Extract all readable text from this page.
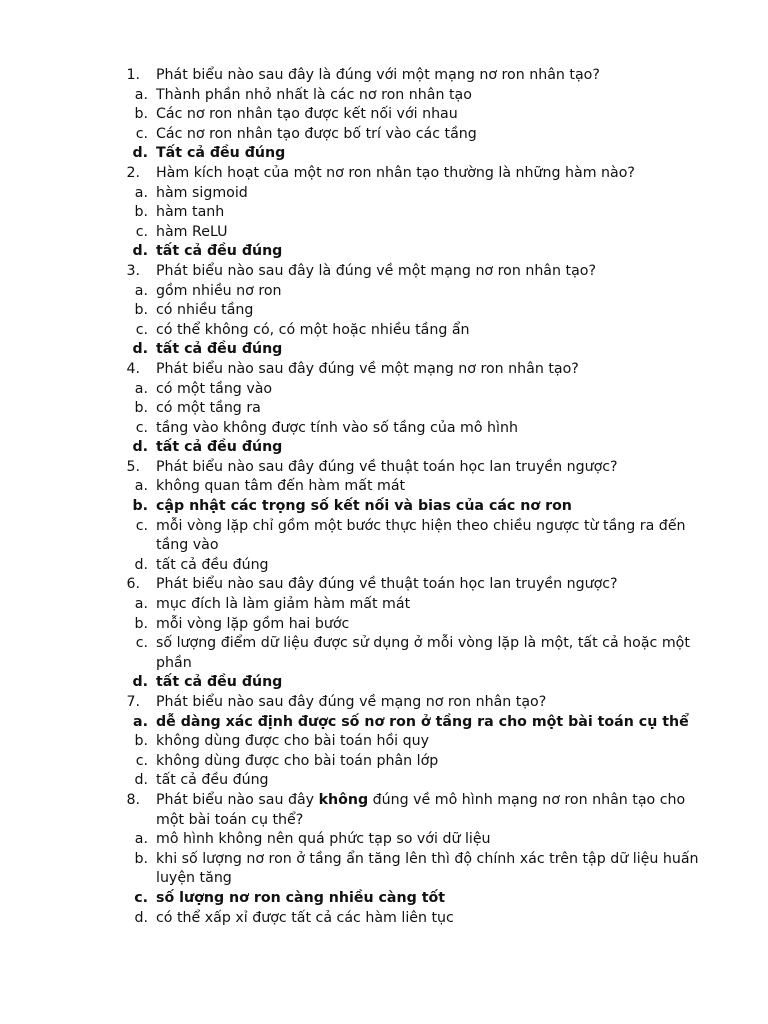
1. Phát biểu nào sau đây là đúng với một mạng nơ ron nhân tạo?
a. Thành phần nhỏ nhất là các nơ ron nhân tạo
b. Các nơ ron nhân tạo được kết nối với nhau
c. Các nơ ron nhân tạo được bố trí vào các tầng
d. Tất cả đều đúng
2. Hàm kích hoạt của một nơ ron nhân tạo thường là những hàm nào?
a. hàm sigmoid
b. hàm tanh
c. hàm ReLU
d. tất cả đều đúng
3. Phát biểu nào sau đây là đúng về một mạng nơ ron nhân tạo?
a. gồm nhiều nơ ron
b. có nhiều tầng
c. có thể không có, có một hoặc nhiều tầng ẩn
d. tất cả đều đúng
4. Phát biểu nào sau đây đúng về một mạng nơ ron nhân tạo?
a. có một tầng vào
b. có một tầng ra
c. tầng vào không được tính vào số tầng của mô hình
d. tất cả đều đúng
5. Phát biểu nào sau đây đúng về thuật toán học lan truyền ngược?
a. không quan tâm đến hàm mất mát
b. cập nhật các trọng số kết nối và bias của các nơ ron
c. mỗi vòng lặp chỉ gồm một bước thực hiện theo chiều ngược từ tầng ra đến tầng vào
d. tất cả đều đúng
6. Phát biểu nào sau đây đúng về thuật toán học lan truyền ngược?
a. mục đích là làm giảm hàm mất mát
b. mỗi vòng lặp gồm hai bước
c. số lượng điểm dữ liệu được sử dụng ở mỗi vòng lặp là một, tất cả hoặc một phần
d. tất cả đều đúng
7. Phát biểu nào sau đây đúng về mạng nơ ron nhân tạo?
a. dễ dàng xác định được số nơ ron ở tầng ra cho một bài toán cụ thể
b. không dùng được cho bài toán hồi quy
c. không dùng được cho bài toán phân lớp
d. tất cả đều đúng
8. Phát biểu nào sau đây không đúng về mô hình mạng nơ ron nhân tạo cho một bài toán cụ thể?
a. mô hình không nên quá phức tạp so với dữ liệu
b. khi số lượng nơ ron ở tầng ẩn tăng lên thì độ chính xác trên tập dữ liệu huấn luyện tăng
c. số lượng nơ ron càng nhiều càng tốt
d. có thể xấp xỉ được tất cả các hàm liên tục
